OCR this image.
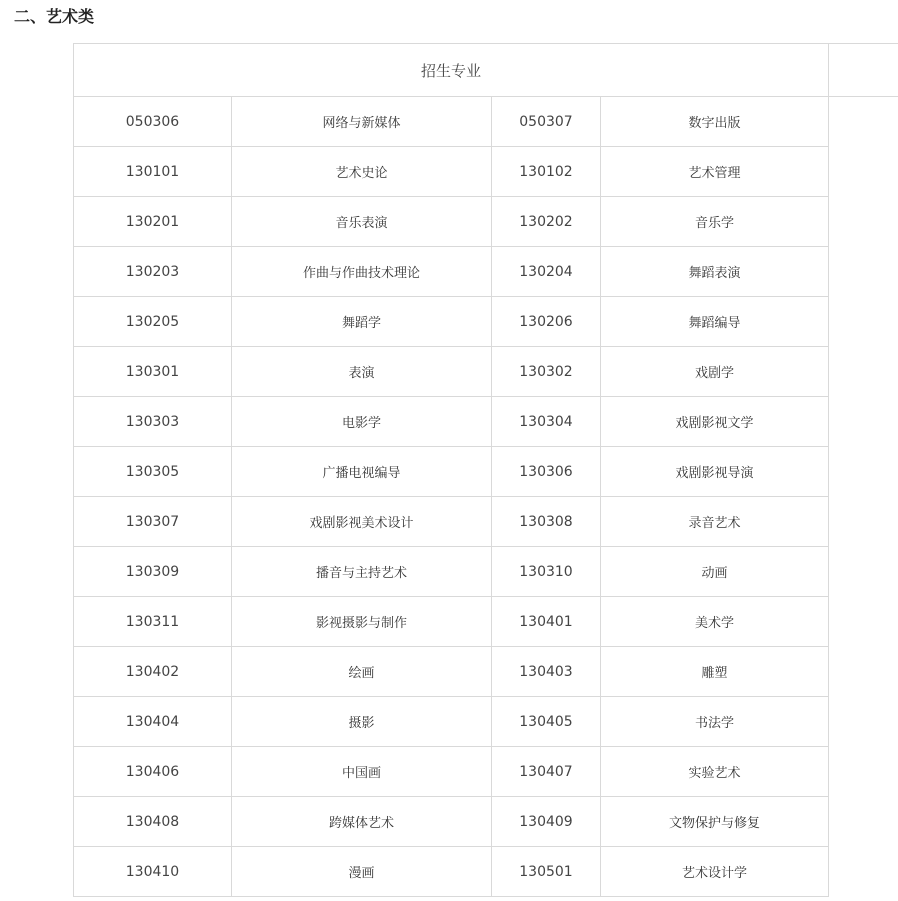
二、艺术类
招生专业				
050306	网络与新媒体	050307	数字出版	
130101	艺术史论	130102	艺术管理	
130201	音乐表演	130202	音乐学	
130203	作曲与作曲技术理论	130204	舞蹈表演	
130205	舞蹈学	130206	舞蹈编导	
130301	表演	130302	戏剧学	
130303	电影学	130304	戏剧影视文学	
130305	广播电视编导	130306	戏剧影视导演	
130307	戏剧影视美术设计	130308	录音艺术	
130309	播音与主持艺术	130310	动画	
130311	影视摄影与制作	130401	美术学	
130402	绘画	130403	雕塑	
130404	摄影	130405	书法学	
130406	中国画	130407	实验艺术	
130408	跨媒体艺术	130409	文物保护与修复	
130410	漫画	130501	艺术设计学	
